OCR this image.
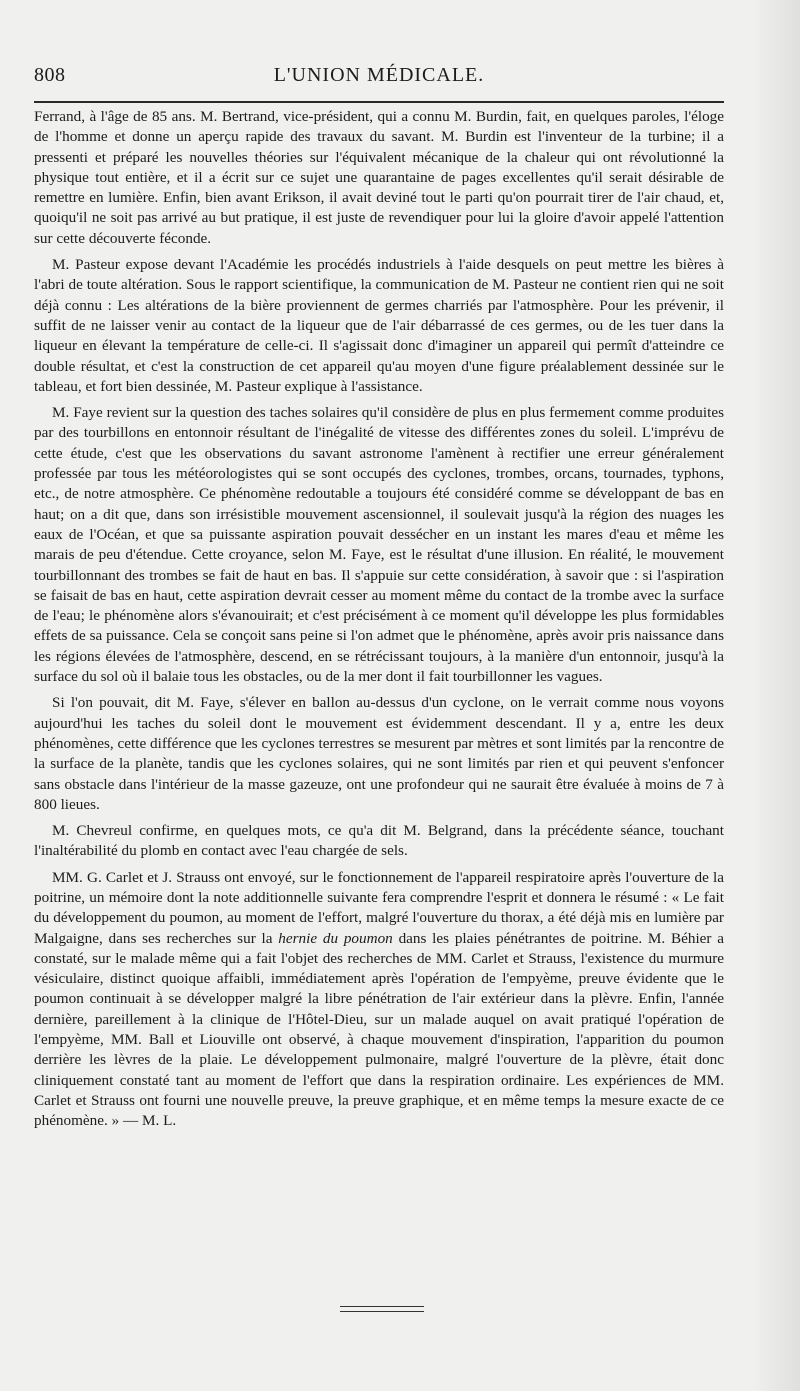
808	L'UNION MÉDICALE.

Ferrand, à l'âge de 85 ans. M. Bertrand, vice-président, qui a connu M. Burdin, fait, en quelques paroles, l'éloge de l'homme et donne un aperçu rapide des travaux du savant. M. Burdin est l'inventeur de la turbine; il a pressenti et préparé les nouvelles théories sur l'équivalent mécanique de la chaleur qui ont révolutionné la physique tout entière, et il a écrit sur ce sujet une quarantaine de pages excellentes qu'il serait désirable de remettre en lumière. Enfin, bien avant Erikson, il avait deviné tout le parti qu'on pourrait tirer de l'air chaud, et, quoiqu'il ne soit pas arrivé au but pratique, il est juste de revendiquer pour lui la gloire d'avoir appelé l'attention sur cette découverte féconde.

M. Pasteur expose devant l'Académie les procédés industriels à l'aide desquels on peut mettre les bières à l'abri de toute altération. Sous le rapport scientifique, la communication de M. Pasteur ne contient rien qui ne soit déjà connu : Les altérations de la bière proviennent de germes charriés par l'atmosphère. Pour les prévenir, il suffit de ne laisser venir au contact de la liqueur que de l'air débarrassé de ces germes, ou de les tuer dans la liqueur en élevant la température de celle-ci. Il s'agissait donc d'imaginer un appareil qui permît d'atteindre ce double résultat, et c'est la construction de cet appareil qu'au moyen d'une figure préalablement dessinée sur le tableau, et fort bien dessinée, M. Pasteur explique à l'assistance.

M. Faye revient sur la question des taches solaires qu'il considère de plus en plus fermement comme produites par des tourbillons en entonnoir résultant de l'inégalité de vitesse des différentes zones du soleil. L'imprévu de cette étude, c'est que les observations du savant astronome l'amènent à rectifier une erreur généralement professée par tous les météorologistes qui se sont occupés des cyclones, trombes, orcans, tournades, typhons, etc., de notre atmosphère. Ce phénomène redoutable a toujours été considéré comme se développant de bas en haut; on a dit que, dans son irrésistible mouvement ascensionnel, il soulevait jusqu'à la région des nuages les eaux de l'Océan, et que sa puissante aspiration pouvait dessécher en un instant les mares d'eau et même les marais de peu d'étendue. Cette croyance, selon M. Faye, est le résultat d'une illusion. En réalité, le mouvement tourbillonnant des trombes se fait de haut en bas. Il s'appuie sur cette considération, à savoir que : si l'aspiration se faisait de bas en haut, cette aspiration devrait cesser au moment même du contact de la trombe avec la surface de l'eau; le phénomène alors s'évanouirait; et c'est précisément à ce moment qu'il développe les plus formidables effets de sa puissance. Cela se conçoit sans peine si l'on admet que le phénomène, après avoir pris naissance dans les régions élevées de l'atmosphère, descend, en se rétrécissant toujours, à la manière d'un entonnoir, jusqu'à la surface du sol où il balaie tous les obstacles, ou de la mer dont il fait tourbillonner les vagues.

Si l'on pouvait, dit M. Faye, s'élever en ballon au-dessus d'un cyclone, on le verrait comme nous voyons aujourd'hui les taches du soleil dont le mouvement est évidemment descendant. Il y a, entre les deux phénomènes, cette différence que les cyclones terrestres se mesurent par mètres et sont limités par la rencontre de la surface de la planète, tandis que les cyclones solaires, qui ne sont limités par rien et qui peuvent s'enfoncer sans obstacle dans l'intérieur de la masse gazeuze, ont une profondeur qui ne saurait être évaluée à moins de 7 à 800 lieues.

M. Chevreul confirme, en quelques mots, ce qu'a dit M. Belgrand, dans la précédente séance, touchant l'inaltérabilité du plomb en contact avec l'eau chargée de sels.

MM. G. Carlet et J. Strauss ont envoyé, sur le fonctionnement de l'appareil respiratoire après l'ouverture de la poitrine, un mémoire dont la note additionnelle suivante fera comprendre l'esprit et donnera le résumé : « Le fait du développement du poumon, au moment de l'effort, malgré l'ouverture du thorax, a été déjà mis en lumière par Malgaigne, dans ses recherches sur la hernie du poumon dans les plaies pénétrantes de poitrine. M. Béhier a constaté, sur le malade même qui a fait l'objet des recherches de MM. Carlet et Strauss, l'existence du murmure vésiculaire, distinct quoique affaibli, immédiatement après l'opération de l'empyème, preuve évidente que le poumon continuait à se développer malgré la libre pénétration de l'air extérieur dans la plèvre. Enfin, l'année dernière, pareillement à la clinique de l'Hôtel-Dieu, sur un malade auquel on avait pratiqué l'opération de l'empyème, MM. Ball et Liouville ont observé, à chaque mouvement d'inspiration, l'apparition du poumon derrière les lèvres de la plaie. Le développement pulmonaire, malgré l'ouverture de la plèvre, était donc cliniquement constaté tant au moment de l'effort que dans la respiration ordinaire. Les expériences de MM. Carlet et Strauss ont fourni une nouvelle preuve, la preuve graphique, et en même temps la mesure exacte de ce phénomène. » — M. L.
